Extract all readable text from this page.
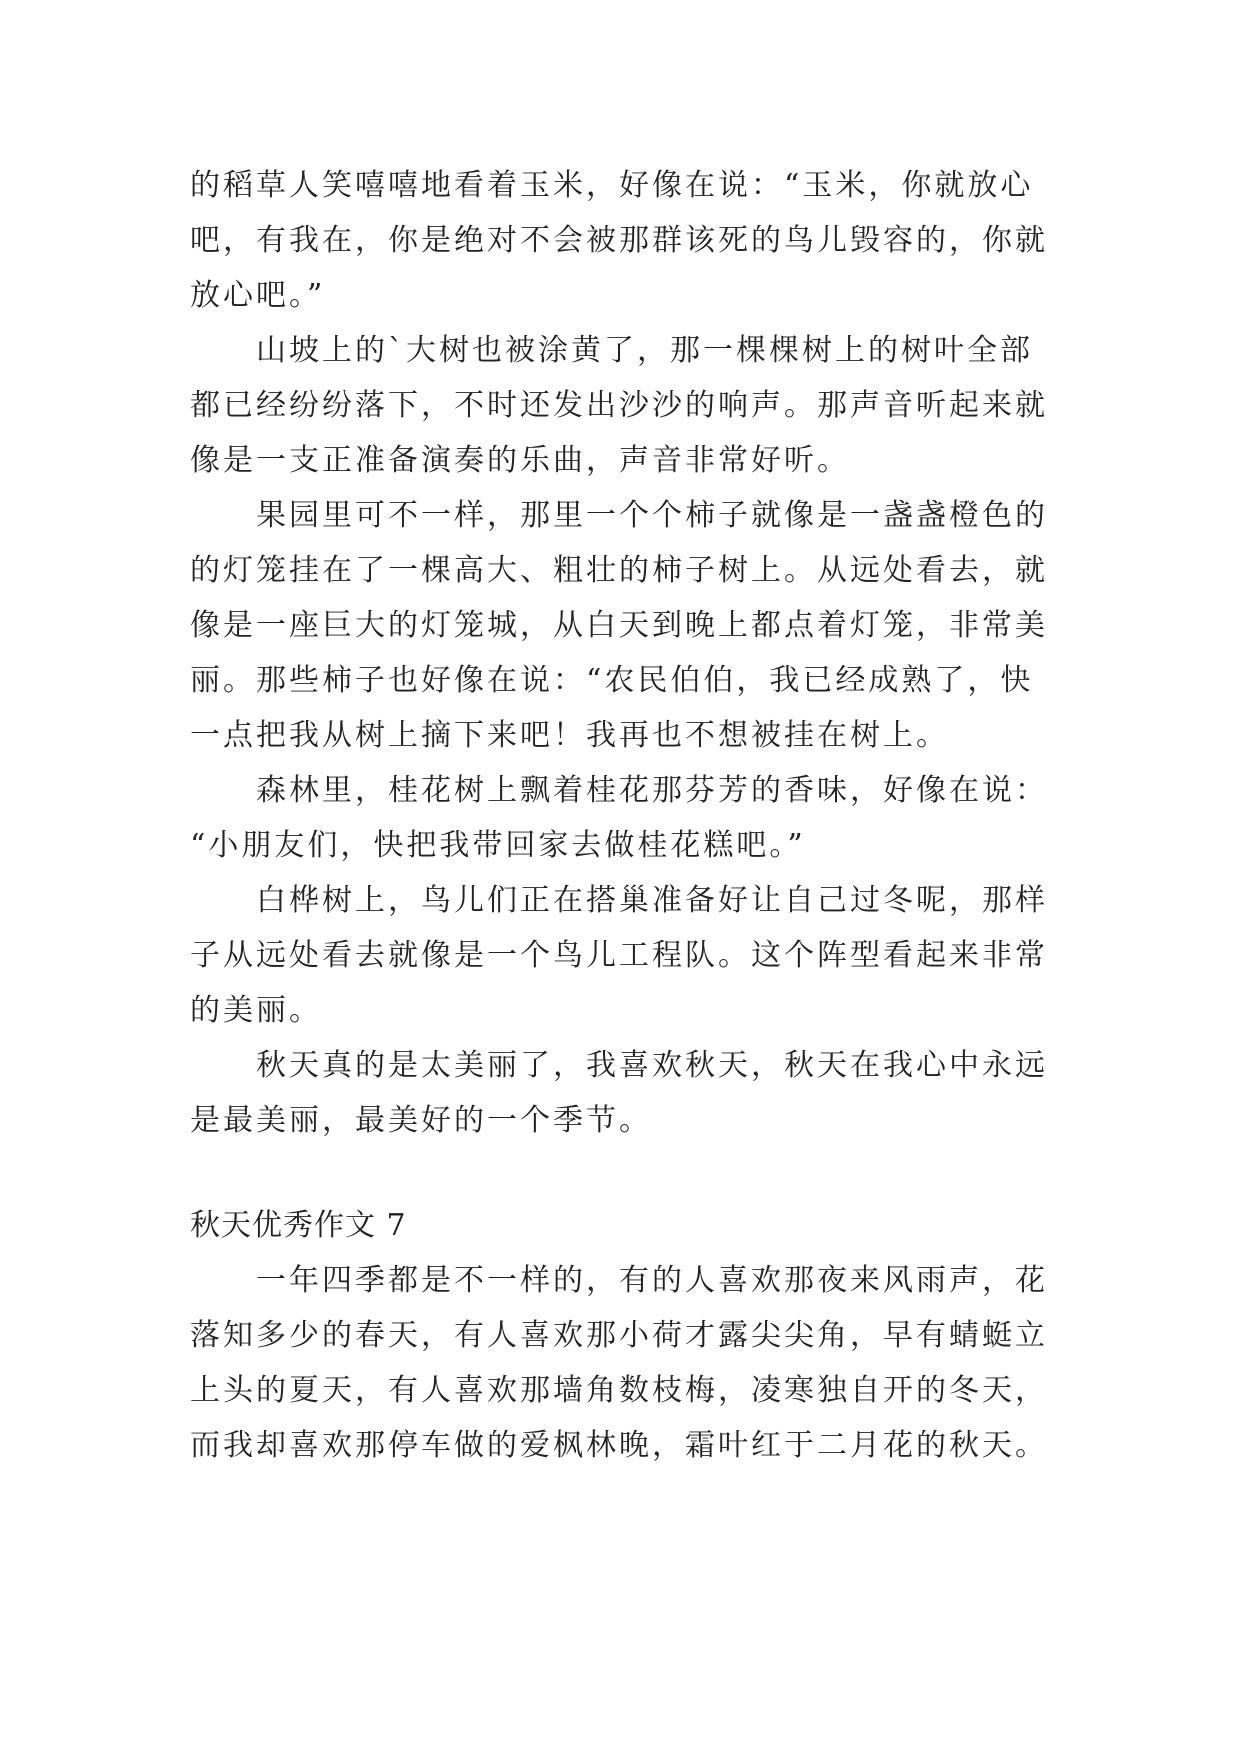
的稻草人笑嘻嘻地看着玉米，好像在说：“玉米，你就放心
吧，有我在，你是绝对不会被那群该死的鸟儿毁容的，你就
放心吧。”
山坡上的`大树也被涂黄了，那一棵棵树上的树叶全部
都已经纷纷落下，不时还发出沙沙的响声。那声音听起来就
像是一支正准备演奏的乐曲，声音非常好听。
果园里可不一样，那里一个个柿子就像是一盏盏橙色的
的灯笼挂在了一棵高大、粗壮的柿子树上。从远处看去，就
像是一座巨大的灯笼城，从白天到晚上都点着灯笼，非常美
丽。那些柿子也好像在说：“农民伯伯，我已经成熟了，快
一点把我从树上摘下来吧！我再也不想被挂在树上。
森林里，桂花树上飘着桂花那芬芳的香味，好像在说：
“小朋友们，快把我带回家去做桂花糕吧。”
白桦树上，鸟儿们正在搭巢准备好让自己过冬呢，那样
子从远处看去就像是一个鸟儿工程队。这个阵型看起来非常
的美丽。
秋天真的是太美丽了，我喜欢秋天，秋天在我心中永远
是最美丽，最美好的一个季节。
秋天优秀作文 7
一年四季都是不一样的，有的人喜欢那夜来风雨声，花
落知多少的春天，有人喜欢那小荷才露尖尖角，早有蜻蜓立
上头的夏天，有人喜欢那墙角数枝梅，凌寒独自开的冬天，
而我却喜欢那停车做的爱枫林晚，霜叶红于二月花的秋天。
